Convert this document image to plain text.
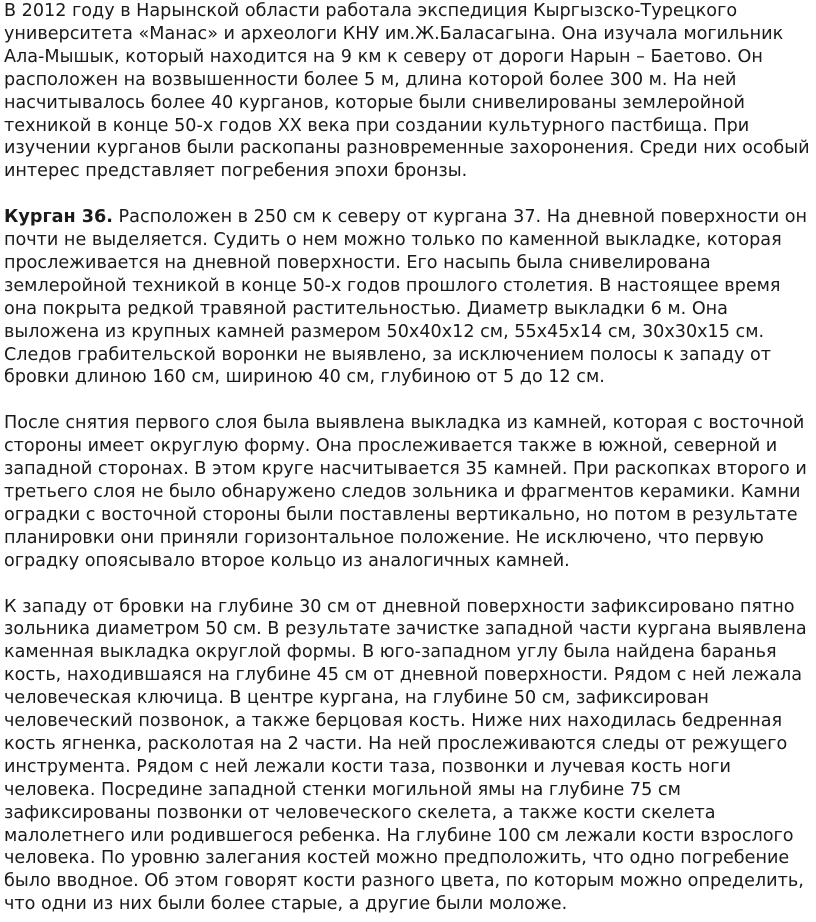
В 2012 году в Нарынской области работала экспедиция Кыргызско-Турецкого университета «Манас» и археологи КНУ им.Ж.Баласагына. Она изучала могильник Ала-Мышык, который находится на 9 км к северу от дороги Нарын – Баетово. Он расположен на возвышенности более 5 м, длина которой более 300 м. На ней насчитывалось более 40 курганов, которые были снивелированы землеройной техникой в конце 50-х годов XX века при создании культурного пастбища. При изучении курганов были раскопаны разновременные захоронения. Среди них особый интерес представляет погребения эпохи бронзы.

Курган 36. Расположен в 250 см к северу от кургана 37. На дневной поверхности он почти не выделяется. Судить о нем можно только по каменной выкладке, которая прослеживается на дневной поверхности. Его насыпь была снивелирована землеройной техникой в конце 50-х годов прошлого столетия. В настоящее время она покрыта редкой травяной растительностью. Диаметр выкладки 6 м. Она выложена из крупных камней размером 50х40х12 см, 55х45х14 см, 30х30х15 см. Следов грабительской воронки не выявлено, за исключением полосы к западу от бровки длиною 160 см, шириною 40 см, глубиною от 5 до 12 см.

После снятия первого слоя была выявлена выкладка из камней, которая с восточной стороны имеет округлую форму. Она прослеживается также в южной, северной и западной сторонах. В этом круге насчитывается 35 камней. При раскопках второго и третьего слоя не было обнаружено следов зольника и фрагментов керамики. Камни оградки с восточной стороны были поставлены вертикально, но потом в результате планировки они приняли горизонтальное положение. Не исключено, что первую оградку опоясывало второе кольцо из аналогичных камней.

К западу от бровки на глубине 30 см от дневной поверхности зафиксировано пятно зольника диаметром 50 см. В результате зачистке западной части кургана выявлена каменная выкладка округлой формы. В юго-западном углу была найдена баранья кость, находившаяся на глубине 45 см от дневной поверхности. Рядом с ней лежала человеческая ключица. В центре кургана, на глубине 50 см, зафиксирован человеческий позвонок, а также берцовая кость. Ниже них находилась бедренная кость ягненка, расколотая на 2 части. На ней прослеживаются следы от режущего инструмента. Рядом с ней лежали кости таза, позвонки и лучевая кость ноги человека. Посредине западной стенки могильной ямы на глубине 75 см зафиксированы позвонки от человеческого скелета, а также кости скелета малолетнего или родившегося ребенка. На глубине 100 см лежали кости взрослого человека. По уровню залегания костей можно предположить, что одно погребение было вводное. Об этом говорят кости разного цвета, по которым можно определить, что одни из них были более старые, а другие были моложе.
